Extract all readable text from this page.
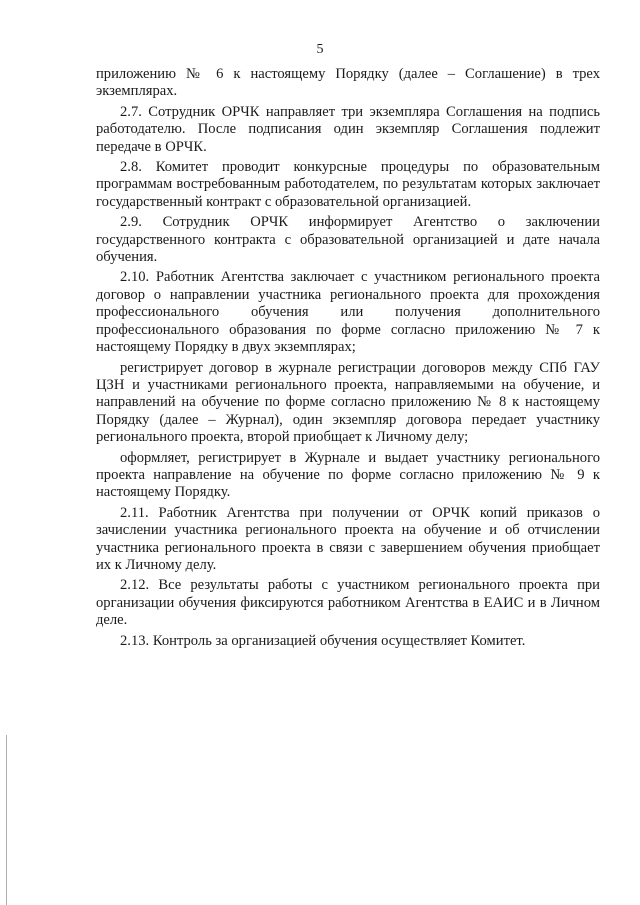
5

приложению № 6 к настоящему Порядку (далее – Соглашение) в трех экземплярах.

2.7. Сотрудник ОРЧК направляет три экземпляра Соглашения на подпись работодателю. После подписания один экземпляр Соглашения подлежит передаче в ОРЧК.

2.8. Комитет проводит конкурсные процедуры по образовательным программам востребованным работодателем, по результатам которых заключает государственный контракт с образовательной организацией.

2.9. Сотрудник ОРЧК информирует Агентство о заключении государственного контракта с образовательной организацией и дате начала обучения.

2.10. Работник Агентства заключает с участником регионального проекта договор о направлении участника регионального проекта для прохождения профессионального обучения или получения дополнительного профессионального образования по форме согласно приложению № 7 к настоящему Порядку в двух экземплярах;

регистрирует договор в журнале регистрации договоров между СПб ГАУ ЦЗН и участниками регионального проекта, направляемыми на обучение, и направлений на обучение по форме согласно приложению № 8 к настоящему Порядку (далее – Журнал), один экземпляр договора передает участнику регионального проекта, второй приобщает к Личному делу;

оформляет, регистрирует в Журнале и выдает участнику регионального проекта направление на обучение по форме согласно приложению № 9 к настоящему Порядку.

2.11. Работник Агентства при получении от ОРЧК копий приказов о зачислении участника регионального проекта на обучение и об отчислении участника регионального проекта в связи с завершением обучения приобщает их к Личному делу.

2.12. Все результаты работы с участником регионального проекта при организации обучения фиксируются работником Агентства в ЕАИС и в Личном деле.

2.13. Контроль за организацией обучения осуществляет Комитет.
